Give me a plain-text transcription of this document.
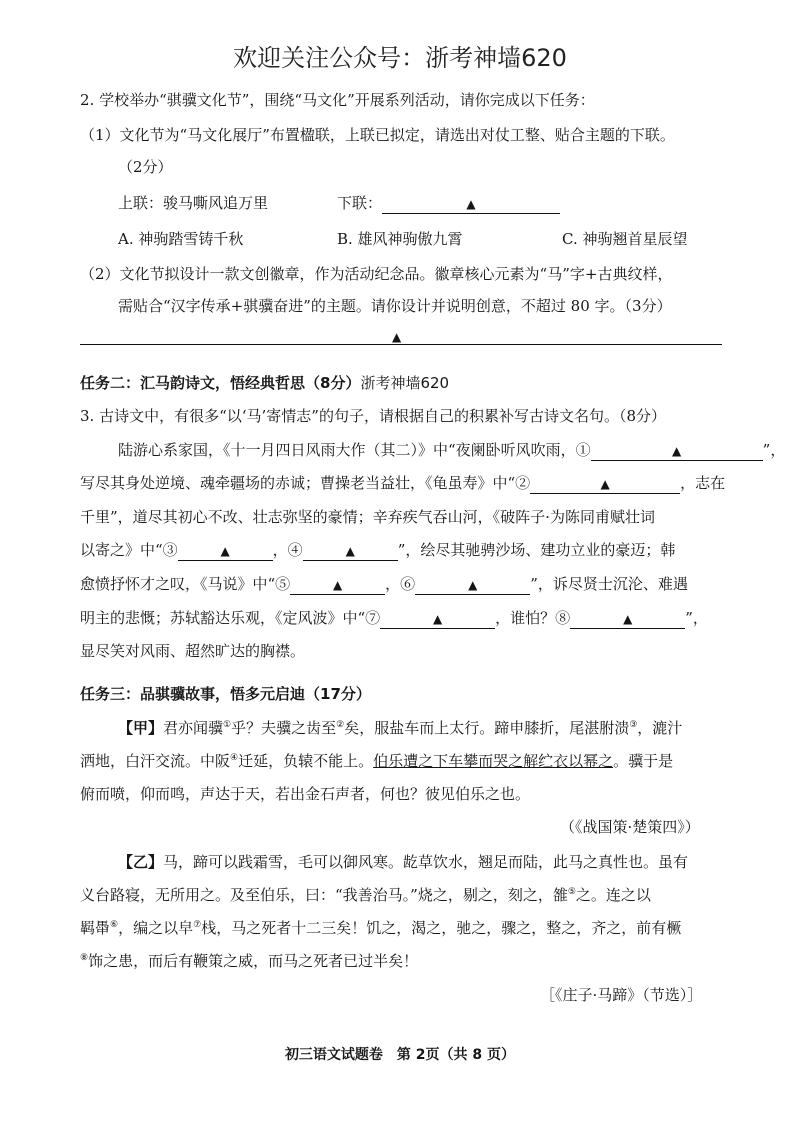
欢迎关注公众号：浙考神墙620
2. 学校举办“骐骥文化节”，围绕“马文化”开展系列活动，请你完成以下任务：
（1）文化节为“马文化展厅”布置楹联，上联已拟定，请选出对仗工整、贴合主题的下联。
（2分）
上联：骏马嘶风追万里	下联：	▲
A. 神驹踏雪铸千秋	B. 雄风神驹傲九霄	C. 神驹翘首星辰望
（2）文化节拟设计一款文创徽章，作为活动纪念品。徽章核心元素为“马”字+古典纹样，
需贴合“汉字传承+骐骥奋进”的主题。请你设计并说明创意，不超过 80 字。（3分）
▲
任务二：汇马韵诗文，悟经典哲思（8分）浙考神墙620
3. 古诗文中，有很多“以‘马’寄情志”的句子，请根据自己的积累补写古诗文名句。（8分）
陆游心系家国，《十一月四日风雨大作（其二）》中“夜阑卧听风吹雨，①	▲	”，
写尽其身处逆境、魂牵疆场的赤诚；曹操老当益壮，《龟虽寿》中“②	▲	，志在
千里”，道尽其初心不改、壮志弥坚的豪情；辛弃疾气吞山河，《破阵子·为陈同甫赋壮词
以寄之》中“③	▲	，④	▲	”，绘尽其驰骋沙场、建功立业的豪迈；韩
愈愤抒怀才之叹，《马说》中“⑤	▲	，⑥	▲	”，诉尽贤士沉沦、难遇
明主的悲慨；苏轼豁达乐观，《定风波》中“⑦	▲	，谁怕？⑧	▲	”，
显尽笑对风雨、超然旷达的胸襟。
任务三：品骐骥故事，悟多元启迪（17分）
【甲】君亦闻骥①乎？夫骥之齿至②矣，服盐车而上太行。蹄申膝折，尾湛胕溃③，漉汁
洒地，白汗交流。中阪④迁延，负辕不能上。伯乐遭之下车攀而哭之解纻衣以幂之。骥于是
俯而喷，仰而鸣，声达于天，若出金石声者，何也？彼见伯乐之也。
（《战国策·楚策四》）
【乙】马，蹄可以践霜雪，毛可以御风寒。龁草饮水，翘足而陆，此马之真性也。虽有
义台路寝，无所用之。及至伯乐，曰：“我善治马。”烧之，剔之，刻之，雒⑤之。连之以
羁馽⑥，编之以皁⑦栈，马之死者十二三矣！饥之，渴之，驰之，骤之，整之，齐之，前有橛
⑧饰之患，而后有鞭策之威，而马之死者已过半矣！
［《庄子·马蹄》（节选）］
初三语文试题卷　第 2页（共 8 页）
